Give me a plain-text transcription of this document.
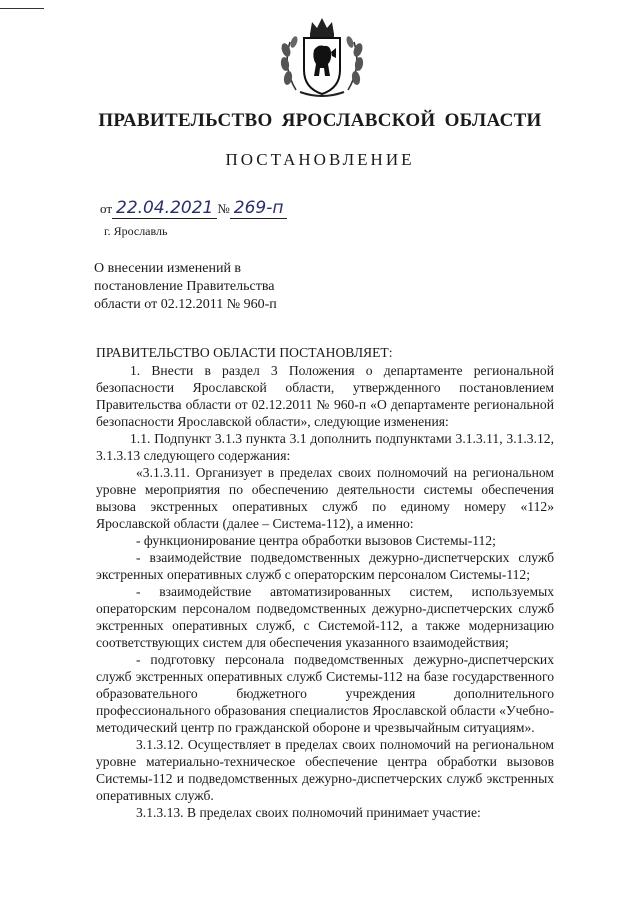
ПРАВИТЕЛЬСТВО ЯРОСЛАВСКОЙ ОБЛАСТИ
ПОСТАНОВЛЕНИЕ
от 22.04.2021 № 269-п
г. Ярославль
О внесении изменений в
постановление Правительства
области от 02.12.2011 № 960-п

ПРАВИТЕЛЬСТВО ОБЛАСТИ ПОСТАНОВЛЯЕТ:

1. Внести в раздел 3 Положения о департаменте региональной безопасности Ярославской области, утвержденного постановлением Правительства области от 02.12.2011 № 960-п «О департаменте региональной безопасности Ярославской области», следующие изменения:

1.1. Подпункт 3.1.3 пункта 3.1 дополнить подпунктами 3.1.3.11, 3.1.3.12, 3.1.3.13 следующего содержания:

«3.1.3.11. Организует в пределах своих полномочий на региональном уровне мероприятия по обеспечению деятельности системы обеспечения вызова экстренных оперативных служб по единому номеру «112» Ярославской области (далее – Система-112), а именно:

- функционирование центра обработки вызовов Системы-112;

- взаимодействие подведомственных дежурно-диспетчерских служб экстренных оперативных служб с операторским персоналом Системы-112;

- взаимодействие автоматизированных систем, используемых операторским персоналом подведомственных дежурно-диспетчерских служб экстренных оперативных служб, с Системой-112, а также модернизацию соответствующих систем для обеспечения указанного взаимодействия;

- подготовку персонала подведомственных дежурно-диспетчерских служб экстренных оперативных служб Системы-112 на базе государственного образовательного бюджетного учреждения дополнительного профессионального образования специалистов Ярославской области «Учебно-методический центр по гражданской обороне и чрезвычайным ситуациям».

3.1.3.12. Осуществляет в пределах своих полномочий на региональном уровне материально-техническое обеспечение центра обработки вызовов Системы-112 и подведомственных дежурно-диспетчерских служб экстренных оперативных служб.

3.1.3.13. В пределах своих полномочий принимает участие:
